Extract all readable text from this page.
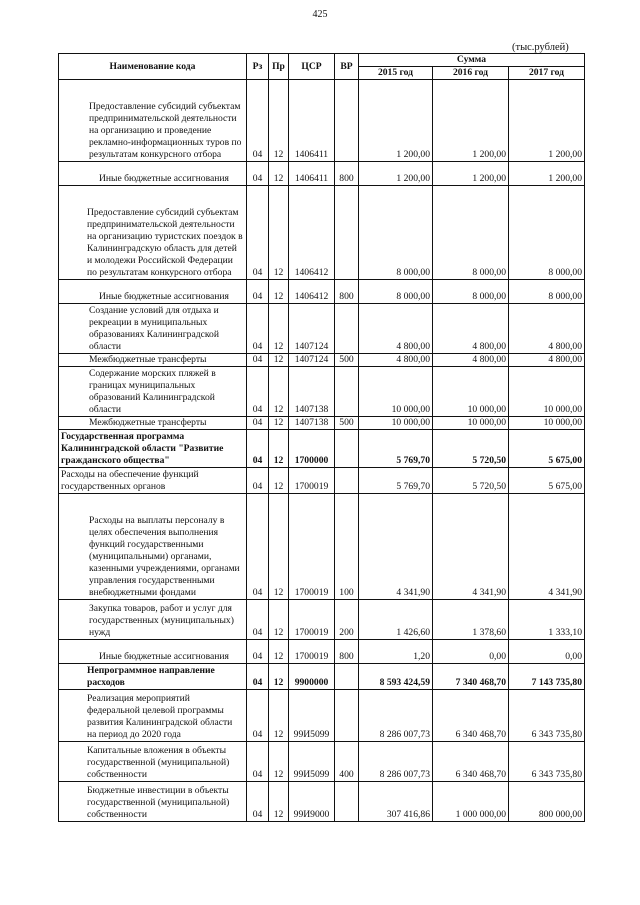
425
(тыс.рублей)
Наименование кода	Рз	Пр	ЦСР	ВР	Сумма		
					2015 год	2016 год	2017 год
Предоставление субсидий субъектам предпринимательской деятельности на организацию и проведение рекламно-информационных туров по результатам конкурсного отбора	04	12	1406411		1 200,00	1 200,00	1 200,00
Иные бюджетные ассигнования	04	12	1406411	800	1 200,00	1 200,00	1 200,00
Предоставление субсидий субъектам предпринимательской деятельности на организацию туристских поездок в Калининградскую область для детей и молодежи Российской Федерации по результатам конкурсного отбора	04	12	1406412		8 000,00	8 000,00	8 000,00
Иные бюджетные ассигнования	04	12	1406412	800	8 000,00	8 000,00	8 000,00
Создание условий для отдыха и рекреации в муниципальных образованиях Калининградской области	04	12	1407124		4 800,00	4 800,00	4 800,00
Межбюджетные трансферты	04	12	1407124	500	4 800,00	4 800,00	4 800,00
Содержание морских пляжей в границах муниципальных образований Калининградской области	04	12	1407138		10 000,00	10 000,00	10 000,00
Межбюджетные трансферты	04	12	1407138	500	10 000,00	10 000,00	10 000,00
Государственная программа Калининградской области "Развитие гражданского общества"	04	12	1700000		5 769,70	5 720,50	5 675,00
Расходы на обеспечение функций государственных органов	04	12	1700019		5 769,70	5 720,50	5 675,00
Расходы на выплаты персоналу в целях обеспечения выполнения функций государственными (муниципальными) органами, казенными учреждениями, органами управления государственными внебюджетными фондами	04	12	1700019	100	4 341,90	4 341,90	4 341,90
Закупка товаров, работ и услуг для государственных (муниципальных) нужд	04	12	1700019	200	1 426,60	1 378,60	1 333,10
Иные бюджетные ассигнования	04	12	1700019	800	1,20	0,00	0,00
Непрограммное направление расходов	04	12	9900000		8 593 424,59	7 340 468,70	7 143 735,80
Реализация мероприятий федеральной целевой программы развития Калининградской области на период до 2020 года	04	12	99И5099		8 286 007,73	6 340 468,70	6 343 735,80
Капитальные вложения в объекты государственной (муниципальной) собственности	04	12	99И5099	400	8 286 007,73	6 340 468,70	6 343 735,80
Бюджетные инвестиции в объекты государственной (муниципальной) собственности	04	12	99И9000		307 416,86	1 000 000,00	800 000,00
